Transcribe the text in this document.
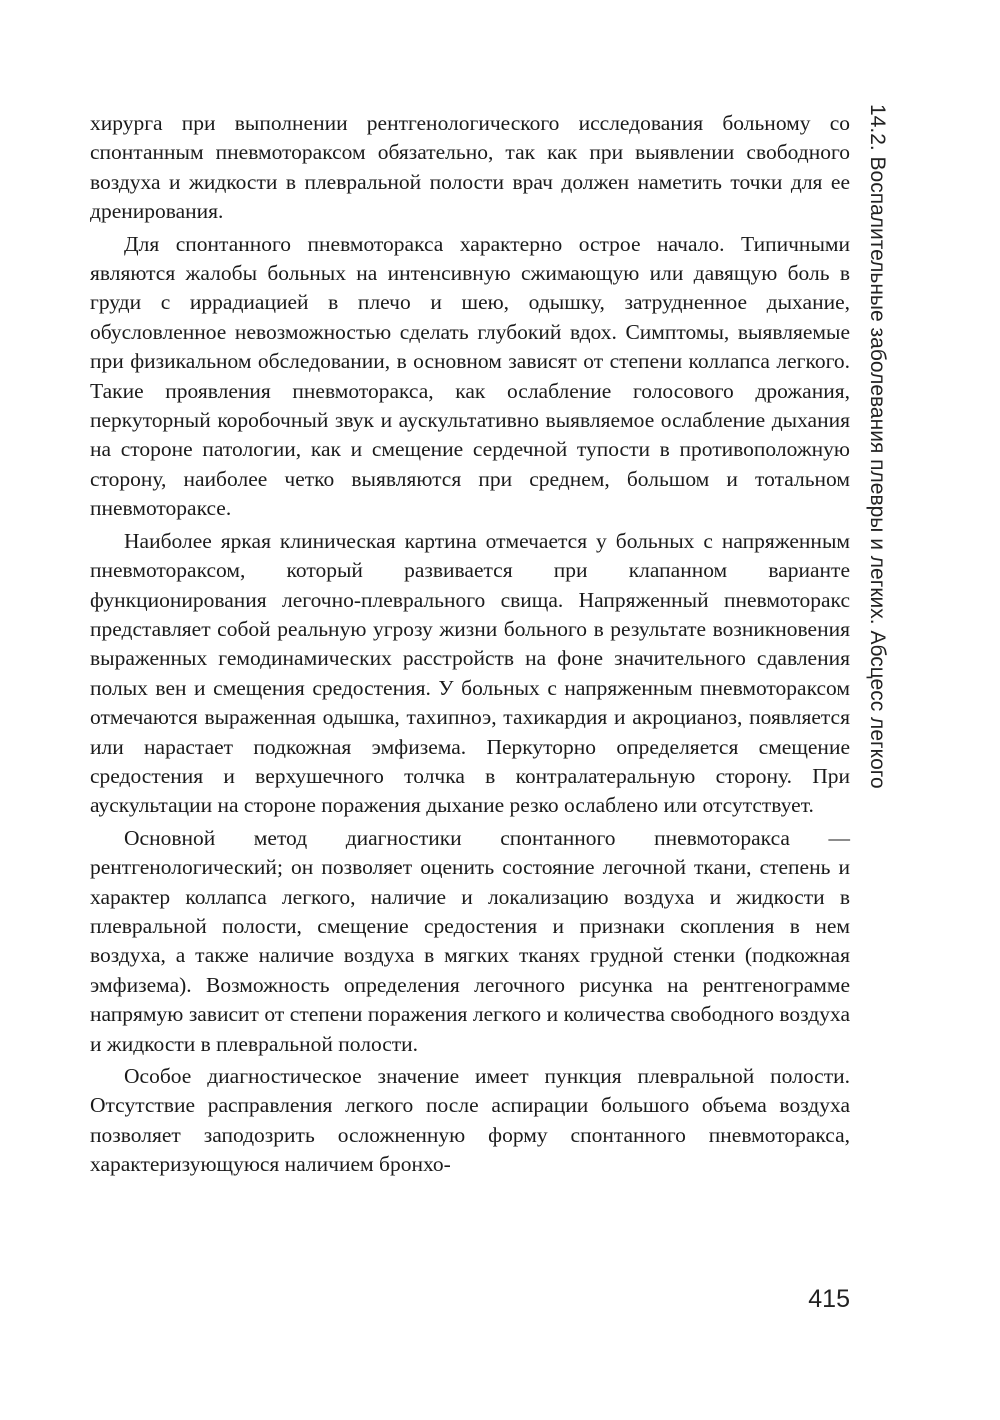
хирурга при выполнении рентгенологического исследования больному со спонтанным пневмотораксом обязательно, так как при выявлении свободного воздуха и жидкости в плевральной полости врач должен наметить точки для ее дренирования.

Для спонтанного пневмоторакса характерно острое начало. Типичными являются жалобы больных на интенсивную сжимающую или давящую боль в груди с иррадиацией в плечо и шею, одышку, затрудненное дыхание, обусловленное невозможностью сделать глубокий вдох. Симптомы, выявляемые при физикальном обследовании, в основном зависят от степени коллапса легкого. Такие проявления пневмоторакса, как ослабление голосового дрожания, перкуторный коробочный звук и аускультативно выявляемое ослабление дыхания на стороне патологии, как и смещение сердечной тупости в противоположную сторону, наиболее четко выявляются при среднем, большом и тотальном пневмотораксе.

Наиболее яркая клиническая картина отмечается у больных с напряженным пневмотораксом, который развивается при клапанном варианте функционирования легочно-плеврального свища. Напряженный пневмоторакс представляет собой реальную угрозу жизни больного в результате возникновения выраженных гемодинамических расстройств на фоне значительного сдавления полых вен и смещения средостения. У больных с напряженным пневмотораксом отмечаются выраженная одышка, тахипноэ, тахикардия и акроцианоз, появляется или нарастает подкожная эмфизема. Перкуторно определяется смещение средостения и верхушечного толчка в контралатеральную сторону. При аускультации на стороне поражения дыхание резко ослаблено или отсутствует.

Основной метод диагностики спонтанного пневмоторакса — рентгенологический; он позволяет оценить состояние легочной ткани, степень и характер коллапса легкого, наличие и локализацию воздуха и жидкости в плевральной полости, смещение средостения и признаки скопления в нем воздуха, а также наличие воздуха в мягких тканях грудной стенки (подкожная эмфизема). Возможность определения легочного рисунка на рентгенограмме напрямую зависит от степени поражения легкого и количества свободного воздуха и жидкости в плевральной полости.

Особое диагностическое значение имеет пункция плевральной полости. Отсутствие расправления легкого после аспирации большого объема воздуха позволяет заподозрить осложненную форму спонтанного пневмоторакса, характеризующуюся наличием бронхо-

14.2. Воспалительные заболевания плевры и легких. Абсцесс легкого
415
